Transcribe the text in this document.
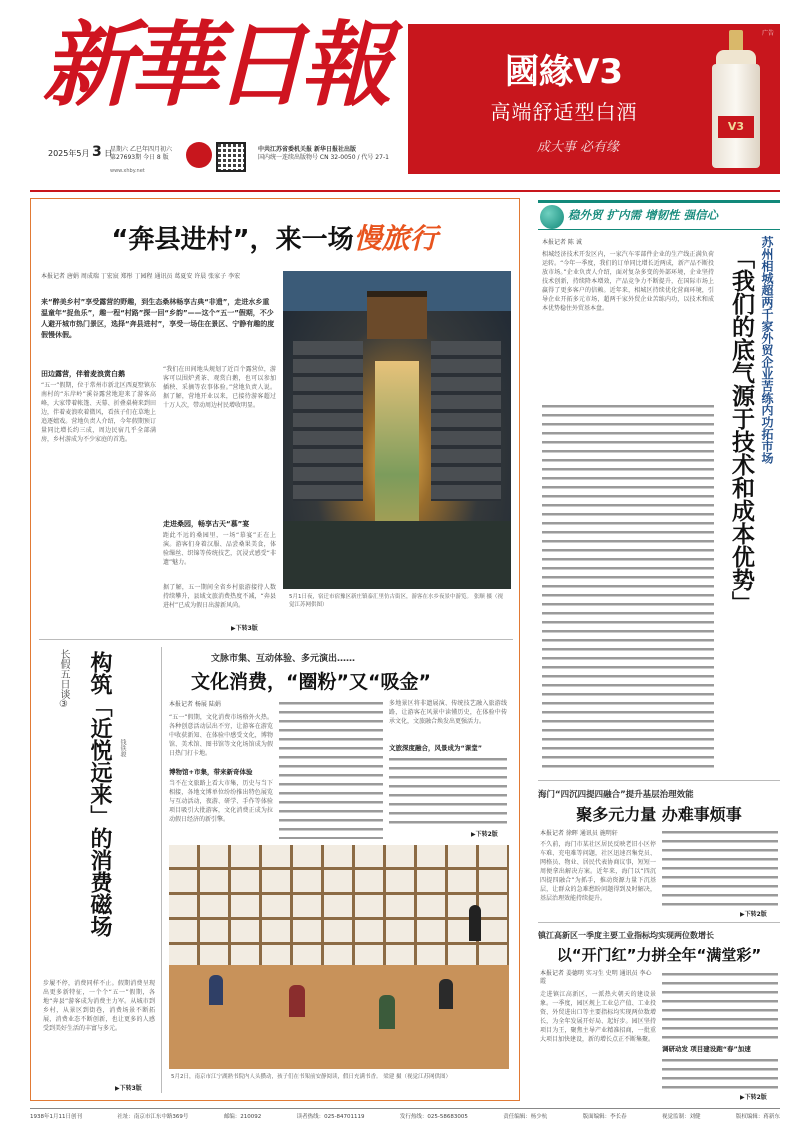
新華日報
2025年5月 3 日
星期六 乙巳年四月初六
第27693期 今日 8 版
www.xhby.net
中共江苏省委机关报 新华日报社出版
国内统一连续出版物号 CN 32-0050 / 代号 27-1
广告
國緣V3
高端舒适型白酒
成大事 必有缘
V3
“奔县进村”，来一场慢旅行
本报记者 唐娟 周成瑞 丁宏宸 郑彤 丁园程 通讯员 葛夏安 许晨 张家子 李宏
来“醉美乡村”享受露营的野趣，到生态桑林畅享古典“非遗”，走进水乡重温童年“捉鱼乐”，趣一程“村路”探一回“乡韵”——这个“五一”假期，不少人避开城市热门景区，选择“奔县进村”，享受一场住在景区、宁静有趣的度假慢休假。
田边露营，伴着麦浪赏白鹅
“五一”假期，位于常州市新北区西夏墅镇东南村的“东岸岭”溪谷露营地迎来了游客高峰，大家带着帐篷、天幕、折叠桌椅来到田边，伴着麦浪吹着微风，看孩子们在草地上追逐嬉戏。营地负责人介绍，今年假期预订量同比增长约三成，周边民宿几乎全部满房，乡村游成为不少家庭的首选。
“我们在田间地头规划了近百个露营位，游客可以围炉煮茶、观赏白鹅，也可以参加插秧、采摘等农事体验。”营地负责人说。据了解，营地开业以来，已接待游客超过十万人次，带动周边村民增收明显。
走进桑园，畅享古天“慕”宴
距此不远的桑园里，一场“慕宴”正在上演。游客们身着汉服、品尝桑果美食，体验缫丝、织锦等传统技艺，沉浸式感受“非遗”魅力。
据了解，五一期间全省乡村旅游接待人数持续攀升，县域文旅消费热度不减，“奔县进村”已成为假日出游新风尚。
▶下转3版
5月1日夜，宿迁市宿豫区新庄镇泰汇里仿古街区，游客在水乡夜景中游览。 张顺 摄（视觉江苏网供图）
长假五日谈③ 构筑「近悦远来」的消费磁场	钱铁骏
步履不停，消费同样不止。假期消费呈现出更多新特征，一个个“五一”假期，各地“奔县”游客成为消费主力军。从城市到乡村，从景区到街巷，消费场景不断拓展，消费业态不断创新，也让更多的人感受到美好生活的丰富与多元。
▶下转3版
文脉市集、互动体验、多元演出……
文化消费，“圈粉”又“吸金”
本报记者 杨展 陆娟
“五一”假期，文化消费市场格外火热。各种创意活动层出不穷，让游客在游览中收获新知、在体验中感受文化，博物馆、美术馆、图书馆等文化场馆成为假日热门打卡地。
博物馆+市集，带来新奇体验
当不在文旅路上看大市集，历史与当下相接，各地文博单位纷纷推出特色展览与互动活动，夜游、研学、手作等体验项目吸引大批游客，文化消费正成为拉动假日经济的新引擎。
多地景区将非遗展演、传统技艺融入旅游线路，让游客在风景中读懂历史，在体验中传承文化，文旅融合焕发出更强活力。
文旅深度融合，风景成为“课堂”
▶下转2版
5月2日，南京市江宁湖熟书院内人头攒动，孩子们在书架前安静阅读，假日充满书香。 梁建 摄（视觉江苏网供图）
稳外贸 扩内需 增韧性 强信心
本报记者 陈 诚
相城经济技术开发区内，一家汽车零部件企业的生产线正满负荷运转。“今年一季度，我们的订单同比增长近两成，新产品不断投放市场。”企业负责人介绍，面对复杂多变的外部环境，企业坚持技术创新，持续降本增效，产品竞争力不断提升，在国际市场上赢得了更多客户的信赖。近年来，相城区持续优化营商环境，引导企业开拓多元市场，超两千家外贸企业苦练内功，以技术和成本优势稳住外贸基本盘。	苏州相城超两千家外贸企业苦练内功拓市场
「我们的底气源于技术和成本优势」
海门“四沉四提四融合”提升基层治理效能
聚多元力量 办难事烦事
本报记者 徐晖 通讯员 施明轩
不久前，海门市某社区居民反映老旧小区停车难、充电难等问题，社区迅速召集党员、网格员、物业、居民代表协商议事，短短一周便拿出解决方案。近年来，海门以“四沉四提四融合”为抓手，推动资源力量下沉基层，让群众的急难愁盼问题得到及时解决，基层治理效能持续提升。
▶下转2版
镇江高新区一季度主要工业指标均实现两位数增长
以“开门红”力拼全年“满堂彩”
本报记者 姜德明 实习生 史明 通讯员 李心霞
走进镇江高新区，一派热火朝天的建设景象。一季度，园区规上工业总产值、工业投资、外贸进出口等主要指标均实现两位数增长，为全年发展开好局、起好步。园区坚持项目为王，聚焦主导产业精准招商，一批重大项目加快建设，新的增长点正不断集聚。
调研动发 项目建设跑“春”加速
▶下转2版
1938年1月11日创刊	社址：南京市江东中路369号	邮编：210092	读者热线：025-84701119	发行热线：025-58683005	责任编辑：杨少杭	版面编辑：李长春	视觉监制：刘健	版权编辑：蒋新东
